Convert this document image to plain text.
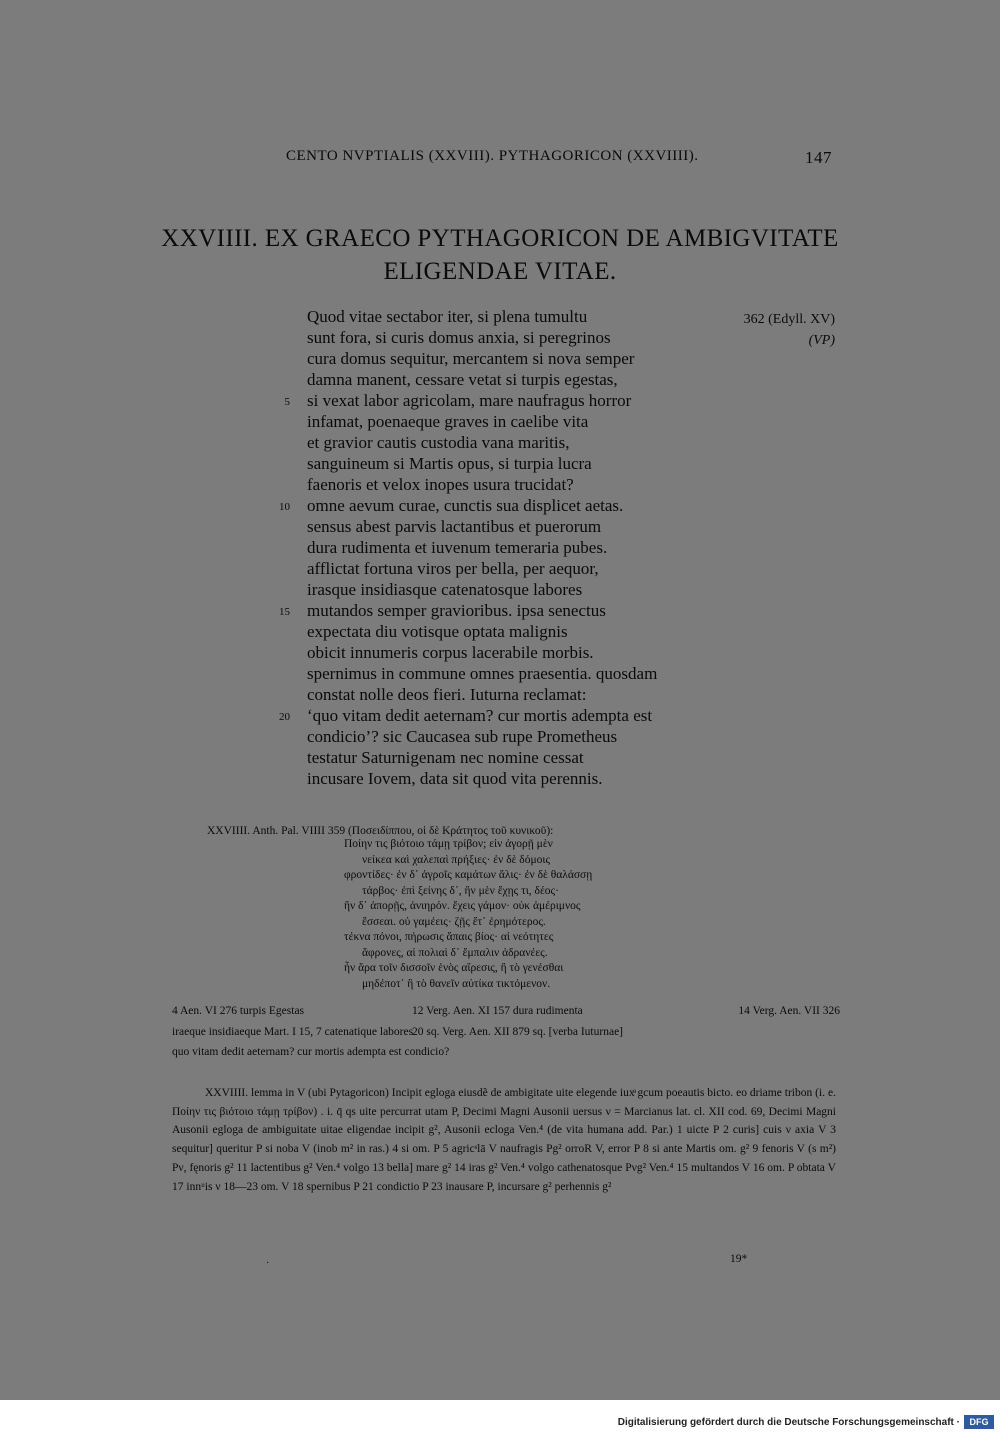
CENTO NVPTIALIS (XXVIII). PYTHAGORICON (XXVIIII).	147
XXVIIII. EX GRAECO PYTHAGORICON DE AMBIGVITATE
ELIGENDAE VITAE.
362 (Edyll. XV)
(VP)
Quod vitae sectabor iter, si plena tumultu
sunt fora, si curis domus anxia, si peregrinos
cura domus sequitur, mercantem si nova semper
damna manent, cessare vetat si turpis egestas,
5 si vexat labor agricolam, mare naufragus horror
infamat, poenaeque graves in caelibe vita
et gravior cautis custodia vana maritis,
sanguineum si Martis opus, si turpia lucra
faenoris et velox inopes usura trucidat?
10 omne aevum curae, cunctis sua displicet aetas.
sensus abest parvis lactantibus et puerorum
dura rudimenta et iuvenum temeraria pubes.
afflictat fortuna viros per bella, per aequor,
irasque insidiasque catenatosque labores
15 mutandos semper gravioribus. ipsa senectus
expectata diu votisque optata malignis
obicit innumeris corpus lacerabile morbis.
spernimus in commune omnes praesentia. quosdam
constat nolle deos fieri. Iuturna reclamat:
20 ‘quo vitam dedit aeternam? cur mortis adempta est
condicio’? sic Caucasea sub rupe Prometheus
testatur Saturnigenam nec nomine cessat
incusare Iovem, data sit quod vita perennis.
XXVIIII. Anth. Pal. VIIII 359 (Ποσειδίππου, οἱ δὲ Κράτητος τοῦ κυνικοῦ):
Ποίην τις βιότοιο τάμῃ τρίβον; εἰν ἀγορῇ μὲν
νείκεα καὶ χαλεπαὶ πρήξιες· ἐν δὲ δόμοις
φροντίδες· ἐν δ᾽ ἀγροῖς καμάτων ἅλις· ἐν δὲ θαλάσσῃ
τάρβος· ἐπὶ ξείνης δ᾽, ἢν μὲν ἔχῃς τι, δέος·
ἢν δ᾽ ἀπορῇς, ἀνιηρόν. ἔχεις γάμον· οὐκ ἀμέριμνος
ἔσσεαι. οὐ γαμέεις· ζῇς ἔτ᾽ ἐρημότερος.
τέκνα πόνοι, πήρωσις ἄπαις βίος· αἱ νεότητες
ἄφρονες, αἱ πολιαὶ δ᾽ ἔμπαλιν ἀδρανέες.
ἦν ἄρα τοῖν δισσοῖν ἑνὸς αἵρεσις, ἢ τὸ γενέσθαι
μηδέποτ᾽ ἢ τὸ θανεῖν αὐτίκα τικτόμενον.
4 Aen. VI 276 turpis Egestas	12 Verg. Aen. XI 157 dura rudimenta	14 Verg. Aen. VII 326
iraeque insidiaeque Mart. I 15, 7 catenatique labores
20 sq. Verg. Aen. XII 879 sq. [verba Iuturnae]
quo vitam dedit aeternam? cur mortis adempta est condicio?
XXVIIII. lemma in V (ubi Pytagoricon) Incipit egloga eiusdẽ de ambigitate uite elegende iuxͣ gcum poeautis bicto. eo driame tribon (i. e. Ποίην τις βιότοιο τάμῃ τρίβον) . i. q̄ qs uite percurrat utam P, Decimi Magni Ausonii uersus ν = Marcianus lat. cl. XII cod. 69, Decimi Magni Ausonii egloga de ambiguitate uitae eligendae incipit g², Ausonii ecloga Ven.⁴ (de vita humana add. Par.) 1 uicte P 2 curis] cuis ν axia V 3 sequitur] queritur P si noba V (inob m² in ras.) 4 si om. P 5 agricˢlā V naufragis Pg² orroR V, error P 8 si ante Martis om. g² 9 fenoris V (s m²) Pν, fęnoris g² 11 lactentibus g² Ven.⁴ volgo 13 bella] mare g² 14 iras g² Ven.⁴ volgo cathenatosque Pνg² Ven.⁴ 15 multandos V 16 om. P obtata V 17 innᵘis ν 18—23 om. V 18 spernibus P 21 condictio P 23 inausare P, incursare g² perhennis g²
·	19*
Digitalisierung gefördert durch die Deutsche Forschungsgemeinschaft ·	DFG
